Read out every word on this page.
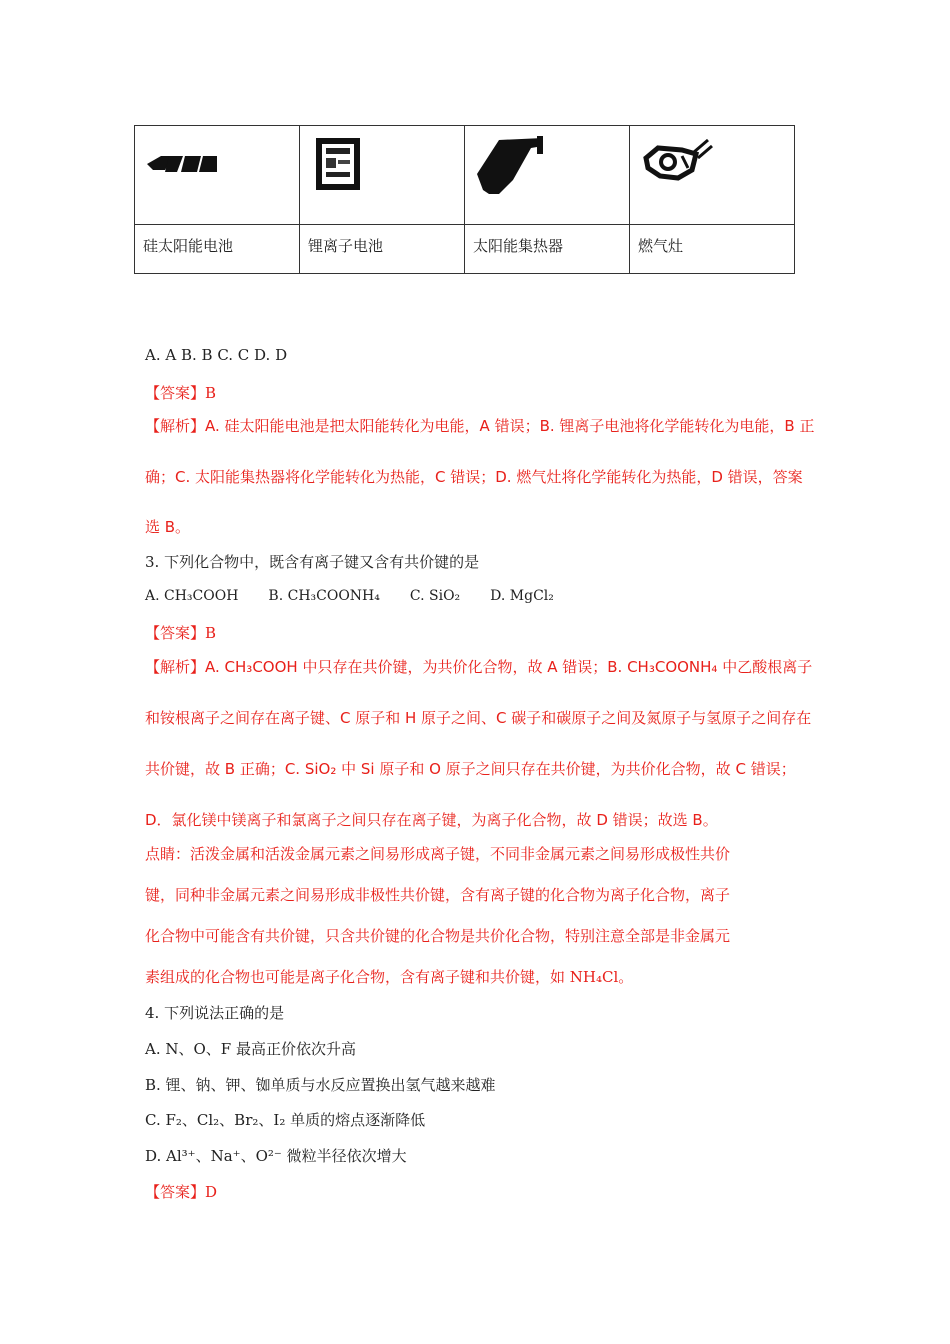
硅太阳能电池	锂离子电池	太阳能集热器	燃气灶
A. A B. B C. C D. D
【答案】B
【解析】A. 硅太阳能电池是把太阳能转化为电能，A 错误；B. 锂离子电池将化学能转化为电能，B 正
确；C. 太阳能集热器将化学能转化为热能，C 错误；D. 燃气灶将化学能转化为热能，D 错误，答案
选 B。
3. 下列化合物中，既含有离子键又含有共价键的是
A. CH₃COOH B. CH₃COONH₄ C. SiO₂ D. MgCl₂
【答案】B
【解析】A. CH₃COOH 中只存在共价键，为共价化合物，故 A 错误；B. CH₃COONH₄ 中乙酸根离子
和铵根离子之间存在离子键、C 原子和 H 原子之间、C 碳子和碳原子之间及氮原子与氢原子之间存在
共价键，故 B 正确；C. SiO₂ 中 Si 原子和 O 原子之间只存在共价键，为共价化合物，故 C 错误；
D．氯化镁中镁离子和氯离子之间只存在离子键，为离子化合物，故 D 错误；故选 B。
点睛：活泼金属和活泼金属元素之间易形成离子键，不同非金属元素之间易形成极性共价
键，同种非金属元素之间易形成非极性共价键，含有离子键的化合物为离子化合物，离子
化合物中可能含有共价键，只含共价键的化合物是共价化合物，特别注意全部是非金属元
素组成的化合物也可能是离子化合物，含有离子键和共价键，如 NH₄Cl。
4. 下列说法正确的是
A. N、O、F 最高正价依次升高
B. 锂、钠、钾、铷单质与水反应置换出氢气越来越难
C. F₂、Cl₂、Br₂、I₂ 单质的熔点逐渐降低
D. Al³⁺、Na⁺、O²⁻ 微粒半径依次增大
【答案】D
